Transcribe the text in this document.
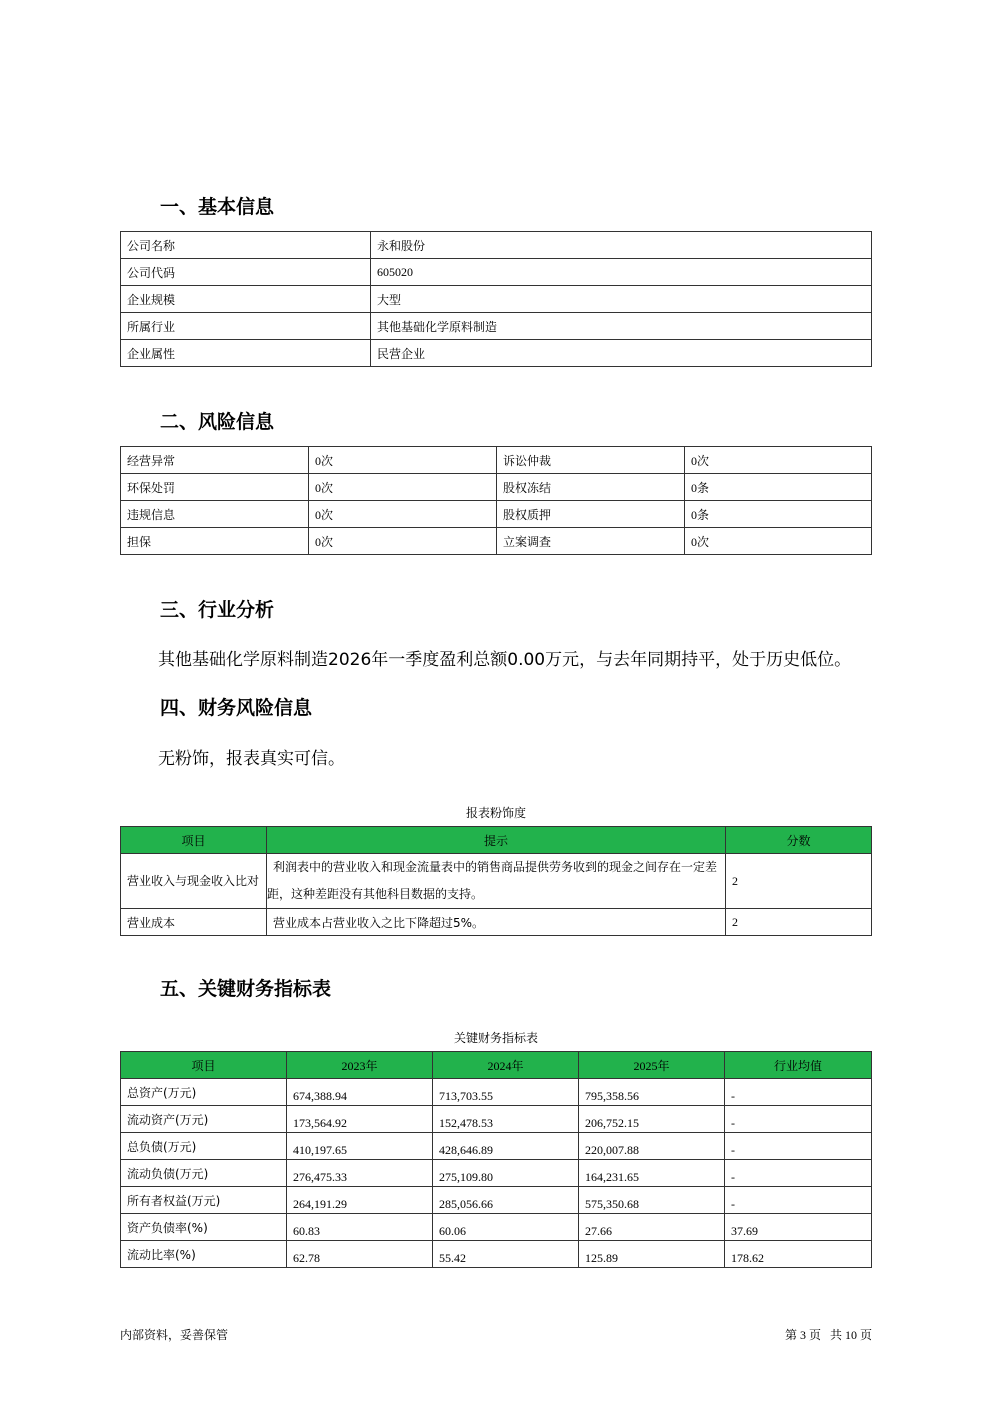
一、基本信息
公司名称	永和股份
公司代码	605020
企业规模	大型
所属行业	其他基础化学原料制造
企业属性	民营企业
二、风险信息
经营异常	0次	诉讼仲裁	0次
环保处罚	0次	股权冻结	0条
违规信息	0次	股权质押	0条
担保	0次	立案调查	0次
三、行业分析

其他基础化学原料制造2026年一季度盈利总额0.00万元，与去年同期持平，处于历史低位。

四、财务风险信息

无粉饰，报表真实可信。

报表粉饰度
项目	提示	分数
营业收入与现金收入比对	利润表中的营业收入和现金流量表中的销售商品提供劳务收到的现金之间存在一定差距，这种差距没有其他科目数据的支持。	2
营业成本	营业成本占营业收入之比下降超过5%。	2
五、关键财务指标表
关键财务指标表
项目	2023年	2024年	2025年	行业均值
总资产(万元)	674,388.94	713,703.55	795,358.56	-
流动资产(万元)	173,564.92	152,478.53	206,752.15	-
总负债(万元)	410,197.65	428,646.89	220,007.88	-
流动负债(万元)	276,475.33	275,109.80	164,231.65	-
所有者权益(万元)	264,191.29	285,056.66	575,350.68	-
资产负债率(%)	60.83	60.06	27.66	37.69
流动比率(%)	62.78	55.42	125.89	178.62
内部资料，妥善保管	第 3 页   共 10 页
